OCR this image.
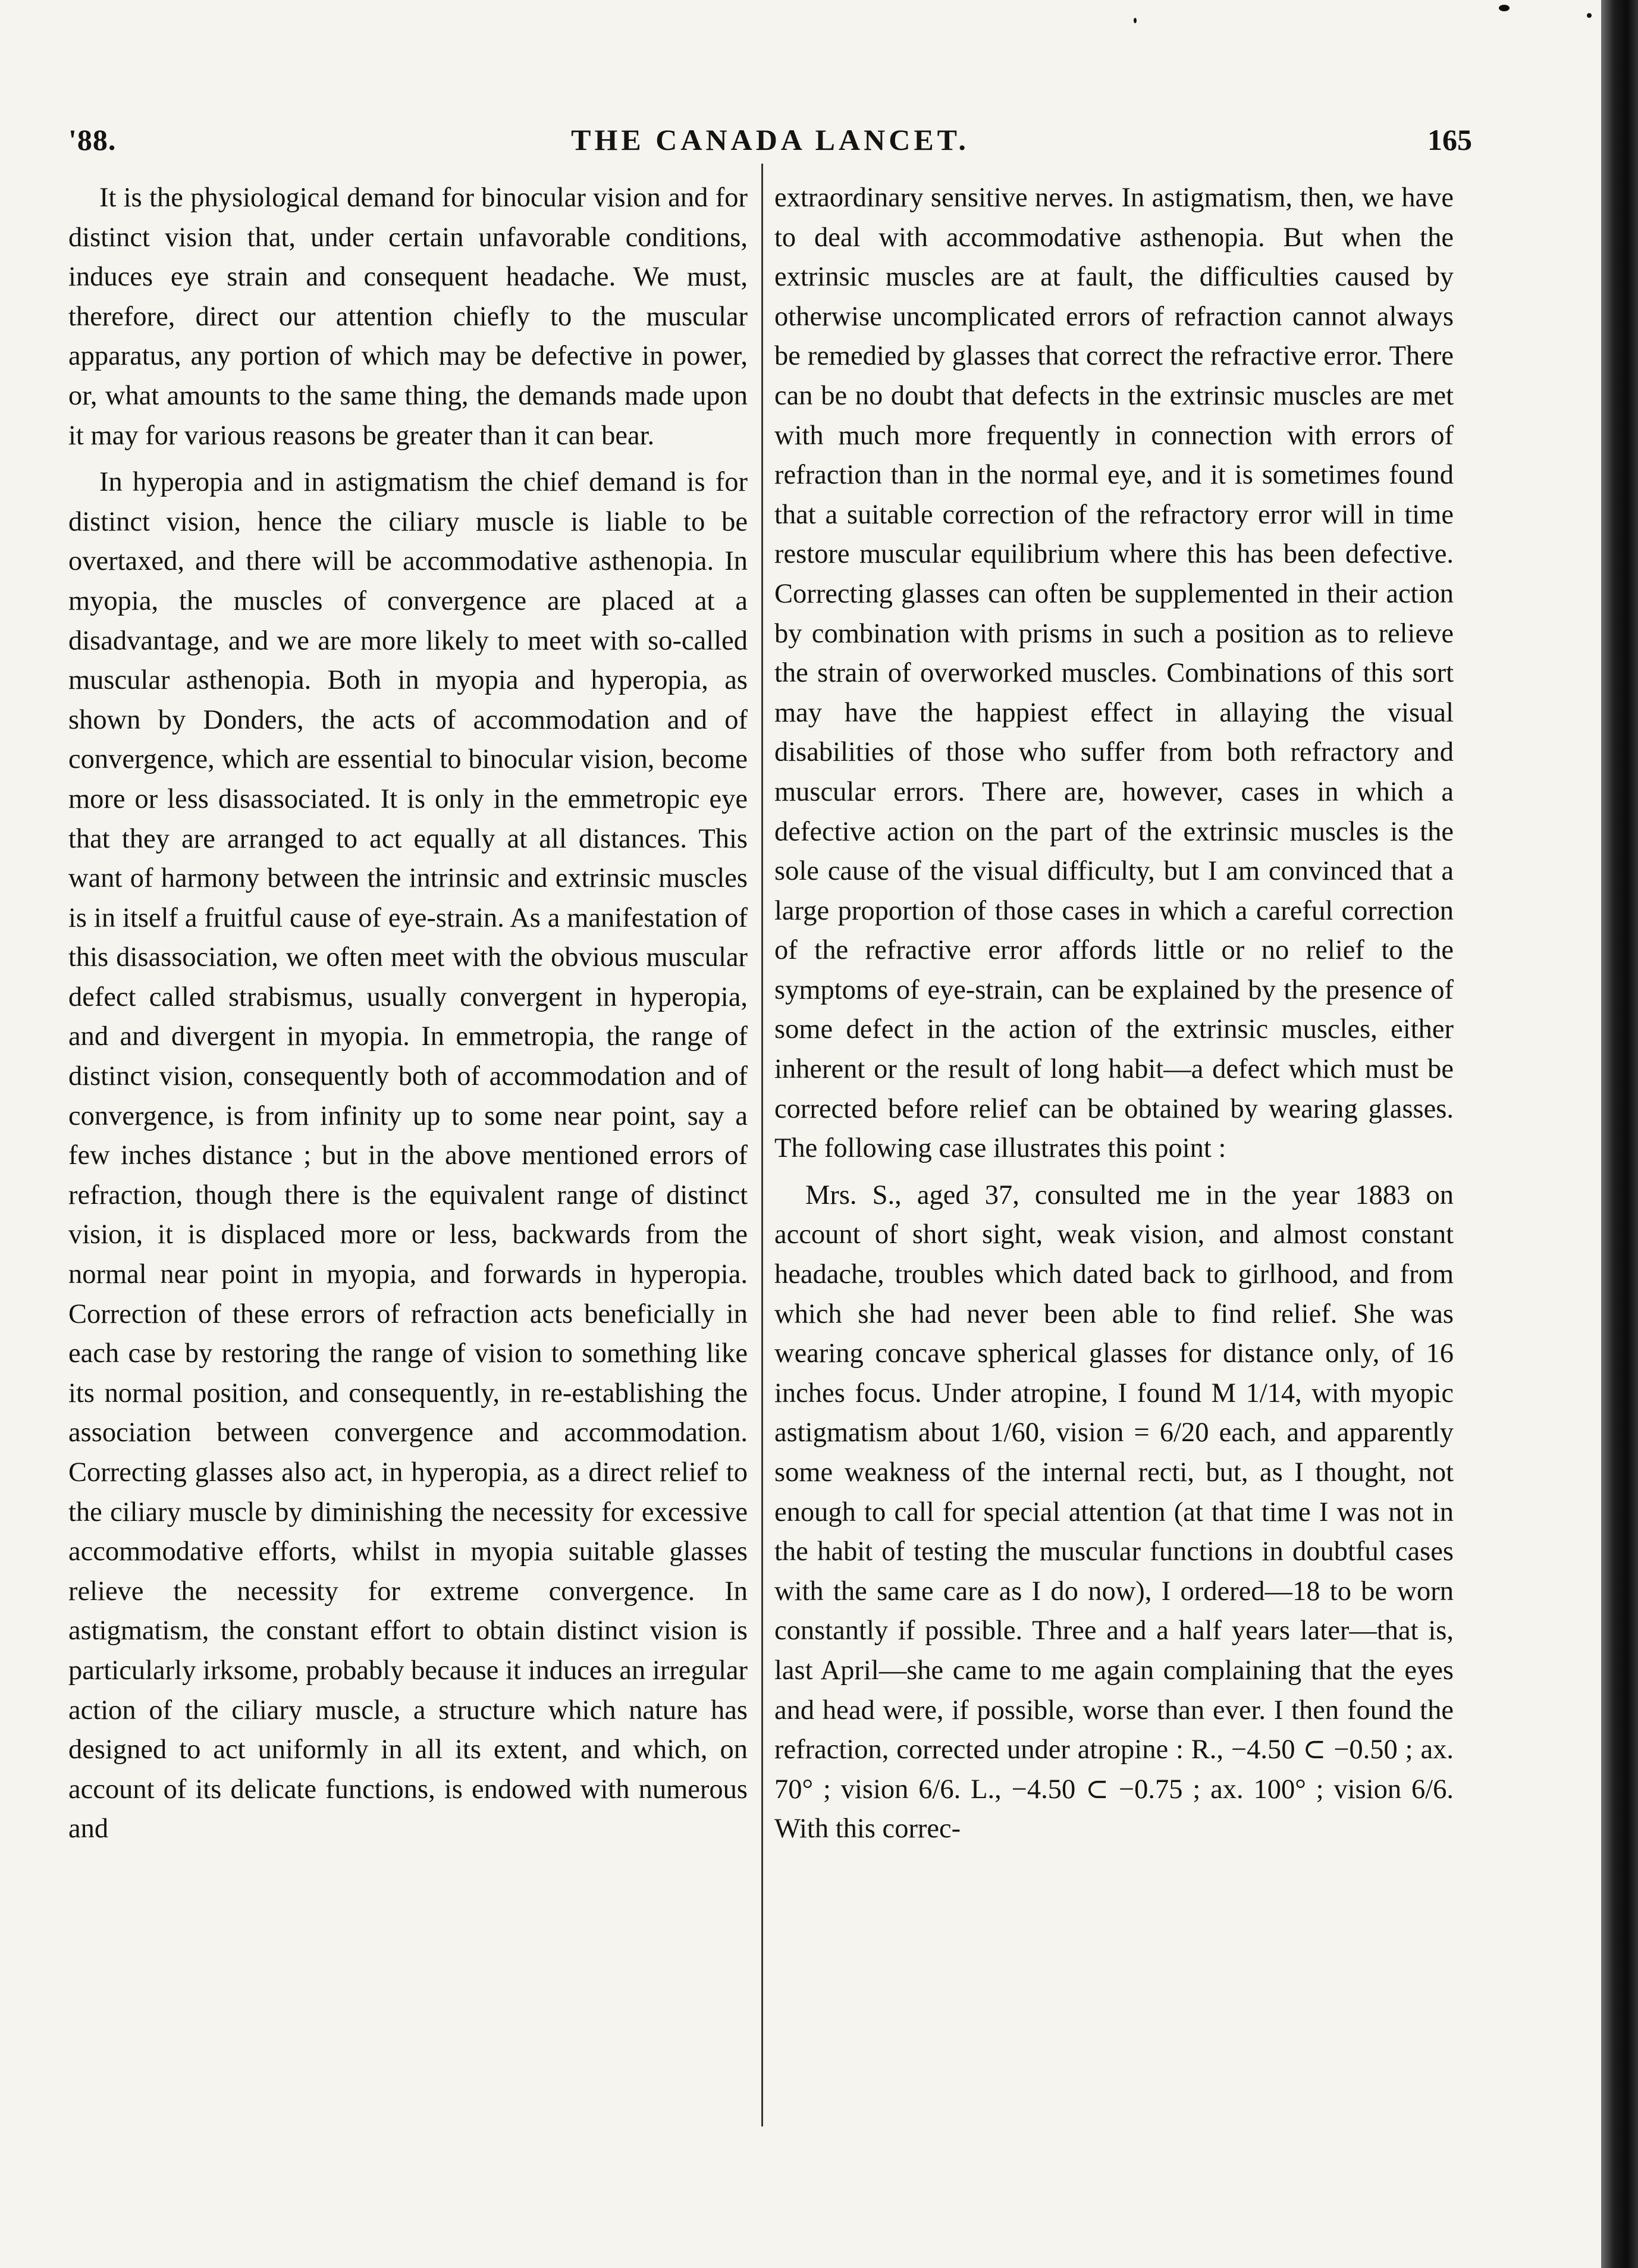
'88.	THE CANADA LANCET.	165

It is the physiological demand for binocular vision and for distinct vision that, under certain unfavorable conditions, induces eye strain and consequent headache. We must, therefore, direct our attention chiefly to the muscular apparatus, any portion of which may be defective in power, or, what amounts to the same thing, the demands made upon it may for various reasons be greater than it can bear.

In hyperopia and in astigmatism the chief demand is for distinct vision, hence the ciliary muscle is liable to be overtaxed, and there will be accommodative asthenopia. In myopia, the muscles of convergence are placed at a disadvantage, and we are more likely to meet with so-called muscular asthenopia. Both in myopia and hyperopia, as shown by Donders, the acts of accommodation and of convergence, which are essential to binocular vision, become more or less disassociated. It is only in the emmetropic eye that they are arranged to act equally at all distances. This want of harmony between the intrinsic and extrinsic muscles is in itself a fruitful cause of eye-strain. As a manifestation of this disassociation, we often meet with the obvious muscular defect called strabismus, usually convergent in hyperopia, and and divergent in myopia. In emmetropia, the range of distinct vision, consequently both of accommodation and of convergence, is from infinity up to some near point, say a few inches distance ; but in the above mentioned errors of refraction, though there is the equivalent range of distinct vision, it is displaced more or less, backwards from the normal near point in myopia, and forwards in hyperopia. Correction of these errors of refraction acts beneficially in each case by restoring the range of vision to something like its normal position, and consequently, in re-establishing the association between convergence and accommodation. Correcting glasses also act, in hyperopia, as a direct relief to the ciliary muscle by diminishing the necessity for excessive accommodative efforts, whilst in myopia suitable glasses relieve the necessity for extreme convergence. In astigmatism, the constant effort to obtain distinct vision is particularly irksome, probably because it induces an irregular action of the ciliary muscle, a structure which nature has designed to act uniformly in all its extent, and which, on account of its delicate functions, is endowed with numerous and

extraordinary sensitive nerves. In astigmatism, then, we have to deal with accommodative asthenopia. But when the extrinsic muscles are at fault, the difficulties caused by otherwise uncomplicated errors of refraction cannot always be remedied by glasses that correct the refractive error. There can be no doubt that defects in the extrinsic muscles are met with much more frequently in connection with errors of refraction than in the normal eye, and it is sometimes found that a suitable correction of the refractory error will in time restore muscular equilibrium where this has been defective. Correcting glasses can often be supplemented in their action by combination with prisms in such a position as to relieve the strain of overworked muscles. Combinations of this sort may have the happiest effect in allaying the visual disabilities of those who suffer from both refractory and muscular errors. There are, however, cases in which a defective action on the part of the extrinsic muscles is the sole cause of the visual difficulty, but I am convinced that a large proportion of those cases in which a careful correction of the refractive error affords little or no relief to the symptoms of eye-strain, can be explained by the presence of some defect in the action of the extrinsic muscles, either inherent or the result of long habit—a defect which must be corrected before relief can be obtained by wearing glasses. The following case illustrates this point :

Mrs. S., aged 37, consulted me in the year 1883 on account of short sight, weak vision, and almost constant headache, troubles which dated back to girlhood, and from which she had never been able to find relief. She was wearing concave spherical glasses for distance only, of 16 inches focus. Under atropine, I found M 1/14, with myopic astigmatism about 1/60, vision = 6/20 each, and apparently some weakness of the internal recti, but, as I thought, not enough to call for special attention (at that time I was not in the habit of testing the muscular functions in doubtful cases with the same care as I do now), I ordered—18 to be worn constantly if possible. Three and a half years later—that is, last April—she came to me again complaining that the eyes and head were, if possible, worse than ever. I then found the refraction, corrected under atropine : R., −4.50 ⊂ −0.50 ; ax. 70° ; vision 6/6. L., −4.50 ⊂ −0.75 ; ax. 100° ; vision 6/6. With this correc-
